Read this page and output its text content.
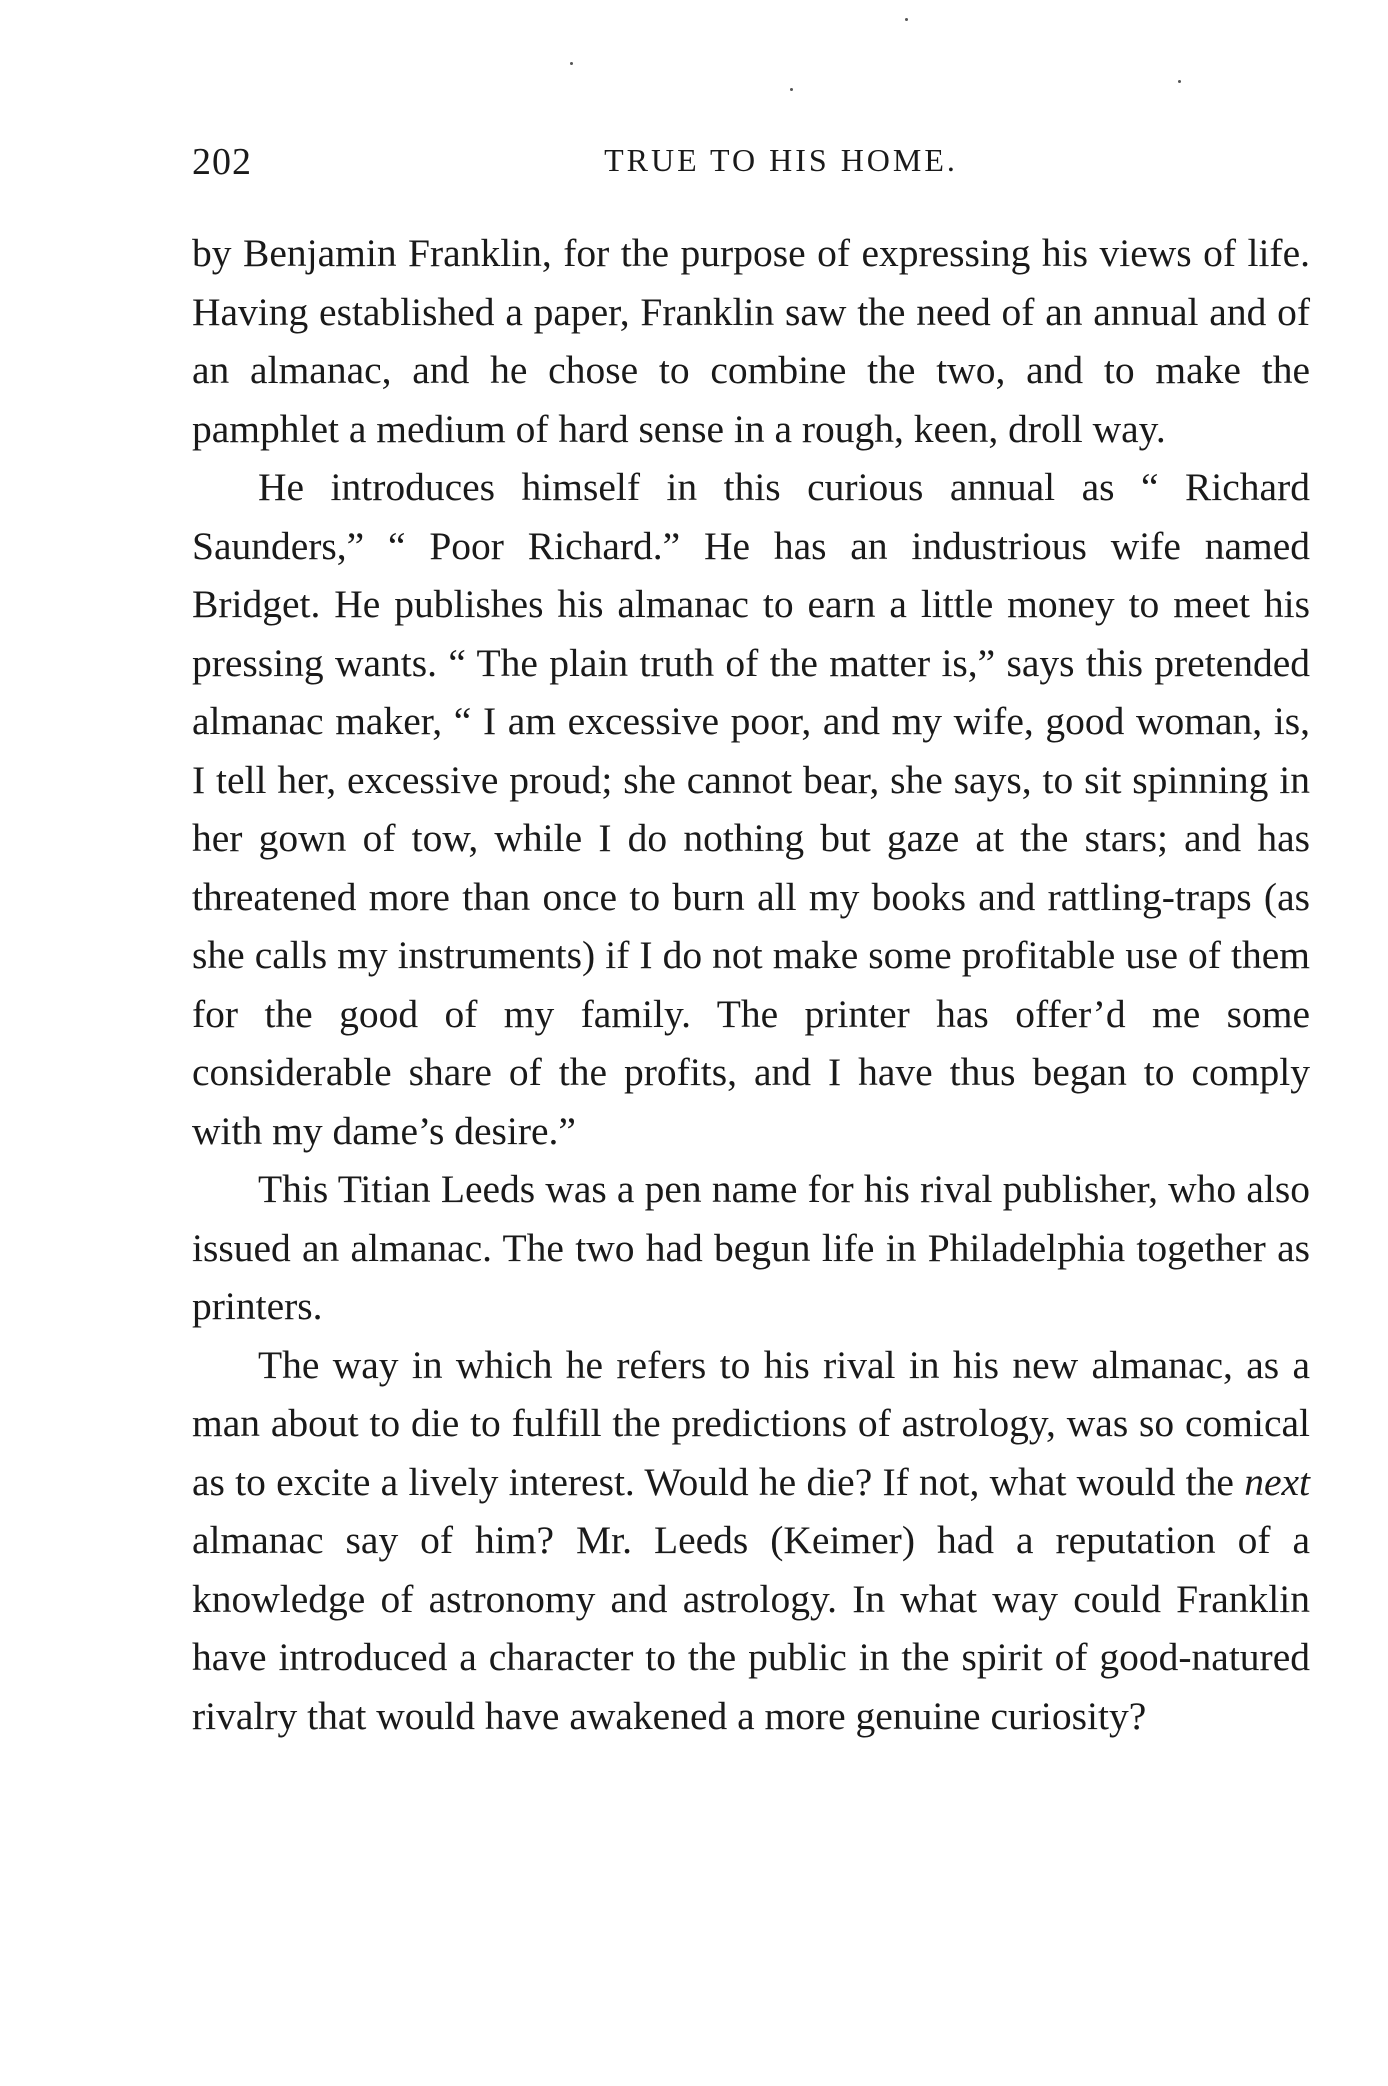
202	TRUE TO HIS HOME.

by Benjamin Franklin, for the purpose of expressing his views of life. Having established a paper, Franklin saw the need of an annual and of an almanac, and he chose to combine the two, and to make the pamphlet a medium of hard sense in a rough, keen, droll way.

He introduces himself in this curious annual as “ Richard Saunders,” “ Poor Richard.” He has an industrious wife named Bridget. He publishes his almanac to earn a little money to meet his pressing wants. “ The plain truth of the matter is,” says this pretended almanac maker, “ I am excessive poor, and my wife, good woman, is, I tell her, excessive proud; she cannot bear, she says, to sit spinning in her gown of tow, while I do nothing but gaze at the stars; and has threatened more than once to burn all my books and rattling-traps (as she calls my instruments) if I do not make some profitable use of them for the good of my family. The printer has offer’d me some considerable share of the profits, and I have thus began to comply with my dame’s desire.”

This Titian Leeds was a pen name for his rival publisher, who also issued an almanac. The two had begun life in Philadelphia together as printers.

The way in which he refers to his rival in his new almanac, as a man about to die to fulfill the predictions of astrology, was so comical as to excite a lively interest. Would he die? If not, what would the next almanac say of him? Mr. Leeds (Keimer) had a reputation of a knowledge of astronomy and astrology. In what way could Franklin have introduced a character to the public in the spirit of good-natured rivalry that would have awakened a more genuine curiosity?
